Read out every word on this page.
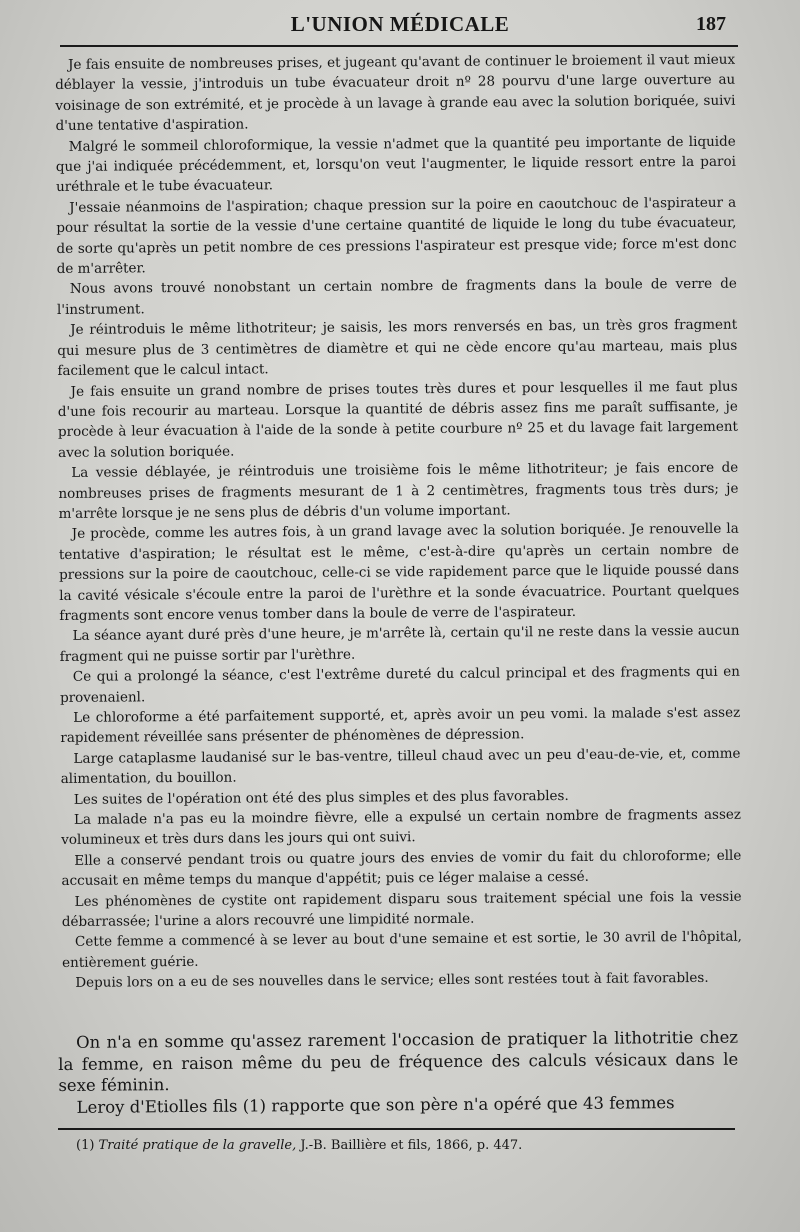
L'UNION MÉDICALE	187

Je fais ensuite de nombreuses prises, et jugeant qu'avant de continuer le broiement il vaut mieux déblayer la vessie, j'introduis un tube évacuateur droit nº 28 pourvu d'une large ouverture au voisinage de son extrémité, et je procède à un lavage à grande eau avec la solution boriquée, suivi d'une tentative d'aspiration.

Malgré le sommeil chloroformique, la vessie n'admet que la quantité peu importante de liquide que j'ai indiquée précédemment, et, lorsqu'on veut l'augmenter, le liquide ressort entre la paroi uréthrale et le tube évacuateur.

J'essaie néanmoins de l'aspiration; chaque pression sur la poire en caoutchouc de l'aspirateur a pour résultat la sortie de la vessie d'une certaine quantité de liquide le long du tube évacuateur, de sorte qu'après un petit nombre de ces pressions l'aspirateur est presque vide; force m'est donc de m'arrêter.

Nous avons trouvé nonobstant un certain nombre de fragments dans la boule de verre de l'instrument.

Je réintroduis le même lithotriteur; je saisis, les mors renversés en bas, un très gros fragment qui mesure plus de 3 centimètres de diamètre et qui ne cède encore qu'au marteau, mais plus facilement que le calcul intact.

Je fais ensuite un grand nombre de prises toutes très dures et pour lesquelles il me faut plus d'une fois recourir au marteau. Lorsque la quantité de débris assez fins me paraît suffisante, je procède à leur évacuation à l'aide de la sonde à petite courbure nº 25 et du lavage fait largement avec la solution boriquée.

La vessie déblayée, je réintroduis une troisième fois le même lithotriteur; je fais encore de nombreuses prises de fragments mesurant de 1 à 2 centimètres, fragments tous très durs; je m'arrête lorsque je ne sens plus de débris d'un volume important.

Je procède, comme les autres fois, à un grand lavage avec la solution boriquée. Je renouvelle la tentative d'aspiration; le résultat est le même, c'est-à-dire qu'après un certain nombre de pressions sur la poire de caoutchouc, celle-ci se vide rapidement parce que le liquide poussé dans la cavité vésicale s'écoule entre la paroi de l'urèthre et la sonde évacuatrice. Pourtant quelques fragments sont encore venus tomber dans la boule de verre de l'aspirateur.

La séance ayant duré près d'une heure, je m'arrête là, certain qu'il ne reste dans la vessie aucun fragment qui ne puisse sortir par l'urèthre.

Ce qui a prolongé la séance, c'est l'extrême dureté du calcul principal et des fragments qui en provenaienl.

Le chloroforme a été parfaitement supporté, et, après avoir un peu vomi. la malade s'est assez rapidement réveillée sans présenter de phénomènes de dépression.

Large cataplasme laudanisé sur le bas-ventre, tilleul chaud avec un peu d'eau-de-vie, et, comme alimentation, du bouillon.

Les suites de l'opération ont été des plus simples et des plus favorables.

La malade n'a pas eu la moindre fièvre, elle a expulsé un certain nombre de fragments assez volumineux et très durs dans les jours qui ont suivi.

Elle a conservé pendant trois ou quatre jours des envies de vomir du fait du chloroforme; elle accusait en même temps du manque d'appétit; puis ce léger malaise a cessé.

Les phénomènes de cystite ont rapidement disparu sous traitement spécial une fois la vessie débarrassée; l'urine a alors recouvré une limpidité normale.

Cette femme a commencé à se lever au bout d'une semaine et est sortie, le 30 avril de l'hôpital, entièrement guérie.

Depuis lors on a eu de ses nouvelles dans le service; elles sont restées tout à fait favorables.

On n'a en somme qu'assez rarement l'occasion de pratiquer la lithotritie chez la femme, en raison même du peu de fréquence des calculs vésicaux dans le sexe féminin.

Leroy d'Etiolles fils (1) rapporte que son père n'a opéré que 43 femmes

(1) Traité pratique de la gravelle, J.-B. Baillière et fils, 1866, p. 447.
